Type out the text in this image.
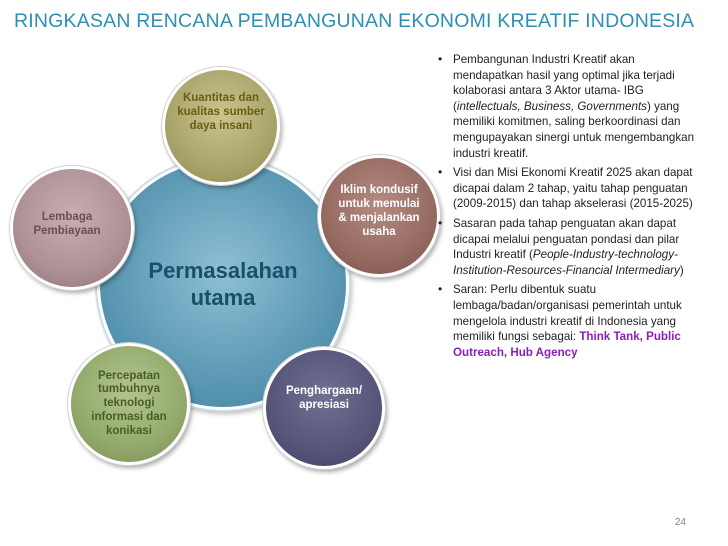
RINGKASAN RENCANA PEMBANGUNAN EKONOMI KREATIF INDONESIA
Permasalahan utama
Kuantitas dan kualitas sumber daya insani
Iklim kondusif untuk memulai & menjalankan usaha
Penghargaan/ apresiasi
Percepatan tumbuhnya teknologi informasi dan konikasi
Lembaga Pembiayaan
• Pembangunan Industri Kreatif akan mendapatkan hasil yang optimal jika terjadi kolaborasi antara 3 Aktor utama- IBG (intellectuals, Business, Governments) yang memiliki komitmen, saling berkoordinasi dan mengupayakan sinergi untuk mengembangkan industri kreatif.
• Visi dan Misi Ekonomi Kreatif 2025 akan dapat dicapai dalam 2 tahap, yaitu tahap penguatan (2009-2015) dan tahap akselerasi (2015-2025)
• Sasaran pada tahap penguatan akan dapat dicapai melalui penguatan pondasi dan pilar Industri kreatif (People-Industry-technology-Institution-Resources-Financial Intermediary)
• Saran: Perlu dibentuk suatu lembaga/badan/organisasi pemerintah untuk mengelola industri kreatif di Indonesia yang memiliki fungsi sebagai: Think Tank, Public Outreach, Hub Agency
24
